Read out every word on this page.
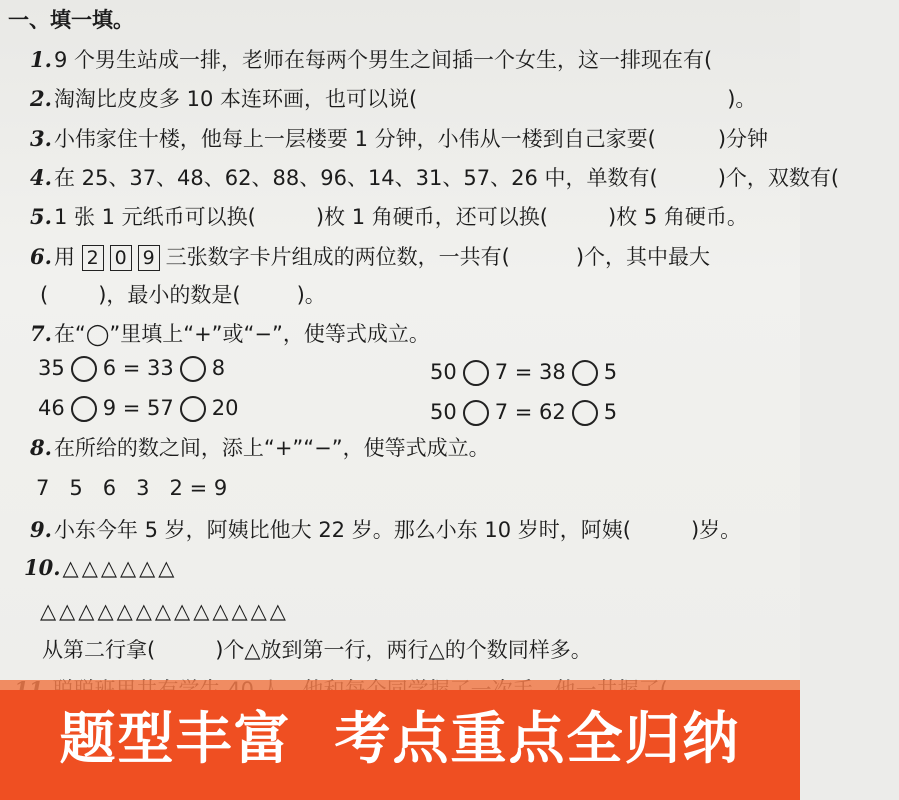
一、填一填。
1.9 个男生站成一排，老师在每两个男生之间插一个女生，这一排现在有(
2.淘淘比皮皮多 10 本连环画，也可以说(	)。
3.小伟家住十楼，他每上一层楼要 1 分钟，小伟从一楼到自己家要(	)分钟
4.在 25、37、48、62、88、96、14、31、57、26 中，单数有(	)个，双数有(
5.1 张 1 元纸币可以换(	)枚 1 角硬币，还可以换(	)枚 5 角硬币。
6.用 2 0 9 三张数字卡片组成的两位数，一共有(	)个，其中最大
( )，最小的数是(	)。
7.在“◯”里填上“+”或“−”，使等式成立。
35 6 = 33 8	50 7 = 38 5
46 9 = 57 20	50 7 = 62 5
8.在所给的数之间，添上“+”“−”，使等式成立。
7   5   6   3   2 = 9
9.小东今年 5 岁，阿姨比他大 22 岁。那么小东 10 岁时，阿姨(	)岁。
10.△△△△△△
△△△△△△△△△△△△△
从第二行拿(	)个△放到第一行，两行△的个数同样多。
题型丰富  考点重点全归纳
